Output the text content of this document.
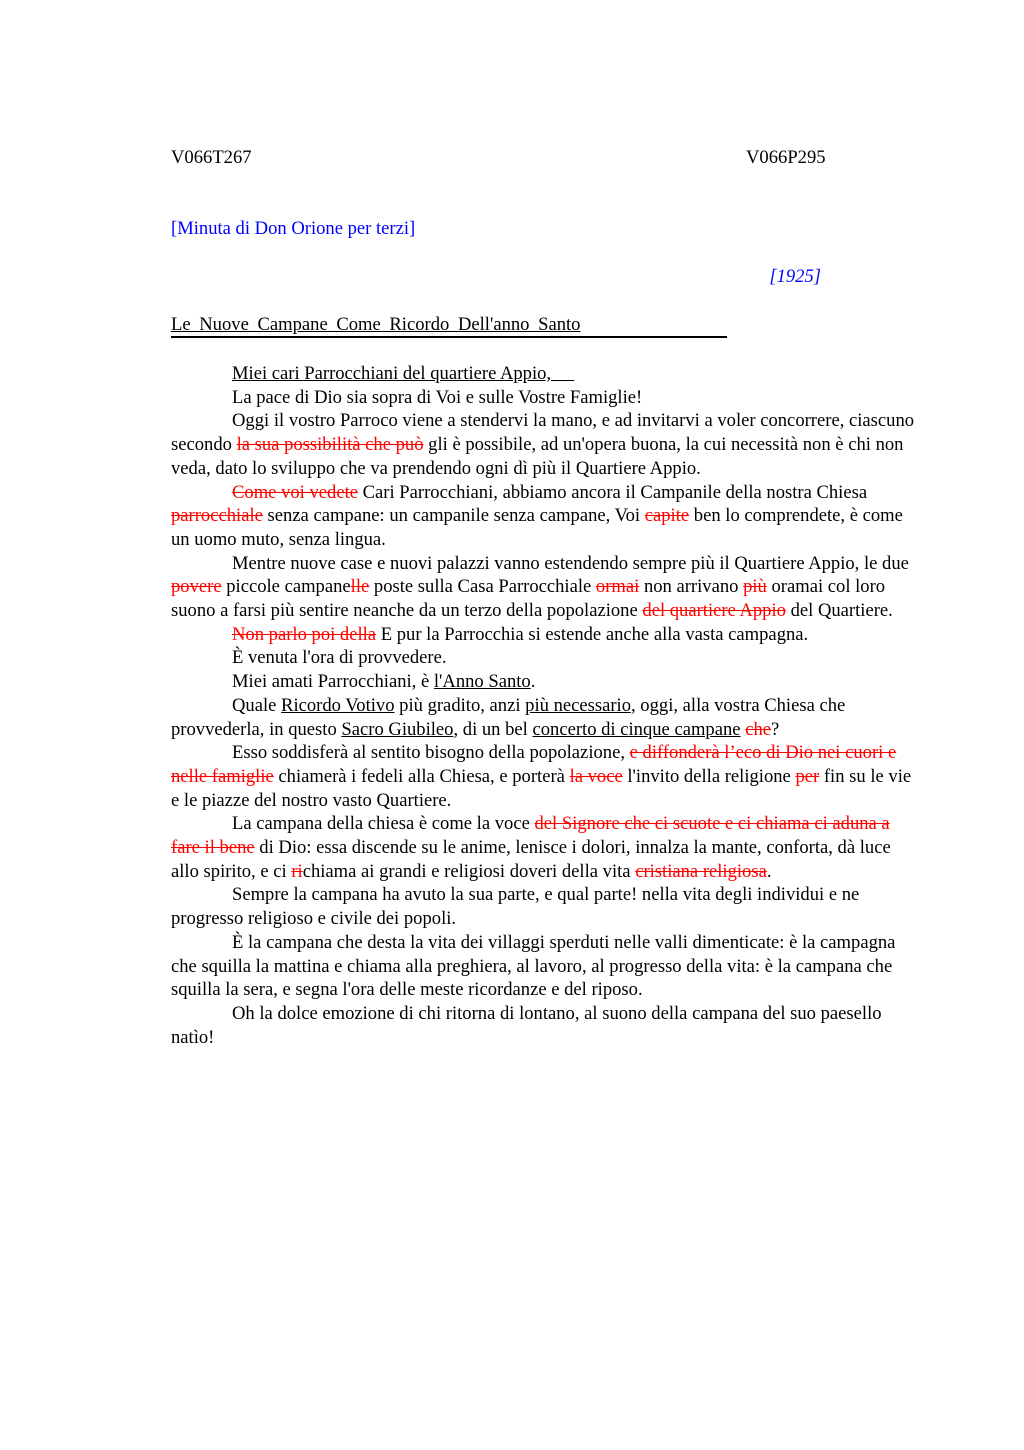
V066T267	V066P295
[Minuta di Don Orione per terzi]
[1925]
Le Nuove Campane Come Ricordo Dell'anno Santo

Miei cari Parrocchiani del quartiere Appio,

La pace di Dio sia sopra di Voi e sulle Vostre Famiglie!

Oggi il vostro Parroco viene a stendervi la mano, e ad invitarvi a voler concorrere, ciascuno secondo la sua possibilità che può gli è possibile, ad un'opera buona, la cui necessità non è chi non veda, dato lo sviluppo che va prendendo ogni dì più il Quartiere Appio.

Come voi vedete Cari Parrocchiani, abbiamo ancora il Campanile della nostra Chiesa parrocchiale senza campane: un campanile senza campane, Voi capite ben lo comprendete, è come un uomo muto, senza lingua.

Mentre nuove case e nuovi palazzi vanno estendendo sempre più il Quartiere Appio, le due povere piccole campanelle poste sulla Casa Parrocchiale ormai non arrivano più oramai col loro suono a farsi più sentire neanche da un terzo della popolazione del quartiere Appio del Quartiere.

Non parlo poi della E pur la Parrocchia si estende anche alla vasta campagna.

È venuta l'ora di provvedere.

Miei amati Parrocchiani, è l'Anno Santo.

Quale Ricordo Votivo più gradito, anzi più necessario, oggi, alla vostra Chiesa che provvederla, in questo Sacro Giubileo, di un bel concerto di cinque campane che?

Esso soddisferà al sentito bisogno della popolazione, e diffonderà l’eco di Dio nei cuori e nelle famiglie chiamerà i fedeli alla Chiesa, e porterà la voce l'invito della religione per fin su le vie e le piazze del nostro vasto Quartiere.

La campana della chiesa è come la voce del Signore che ci scuote e ci chiama ci aduna a fare il bene di Dio: essa discende su le anime, lenisce i dolori, innalza la mante, conforta, dà luce allo spirito, e ci richiama ai grandi e religiosi doveri della vita cristiana religiosa.

Sempre la campana ha avuto la sua parte, e qual parte! nella vita degli individui e ne progresso religioso e civile dei popoli.

È la campana che desta la vita dei villaggi sperduti nelle valli dimenticate: è la campagna che squilla la mattina e chiama alla preghiera, al lavoro, al progresso della vita: è la campana che squilla la sera, e segna l'ora delle meste ricordanze e del riposo.

Oh la dolce emozione di chi ritorna di lontano, al suono della campana del suo paesello natìo!
